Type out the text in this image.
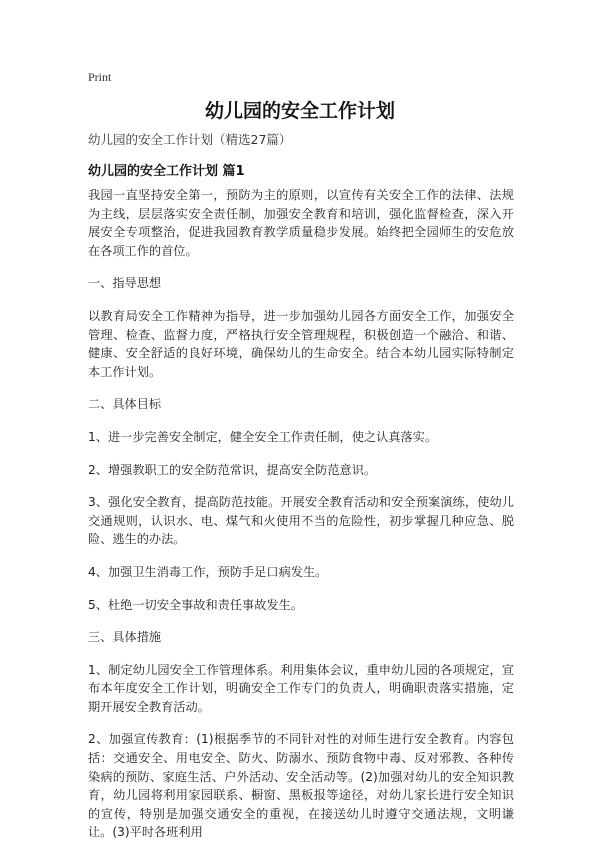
Print
幼儿园的安全工作计划
幼儿园的安全工作计划（精选27篇）
幼儿园的安全工作计划 篇1

我园一直坚持安全第一，预防为主的原则，以宣传有关安全工作的法律、法规为主线，层层落实安全责任制，加强安全教育和培训，强化监督检查，深入开展安全专项整治，促进我园教育教学质量稳步发展。始终把全园师生的安危放在各项工作的首位。

一、指导思想

以教育局安全工作精神为指导，进一步加强幼儿园各方面安全工作，加强安全管理、检查、监督力度，严格执行安全管理规程，积极创造一个融洽、和谐、健康、安全舒适的良好环境，确保幼儿的生命安全。结合本幼儿园实际特制定本工作计划。

二、具体目标

1、进一步完善安全制定，健全安全工作责任制，使之认真落实。

2、增强教职工的安全防范常识，提高安全防范意识。

3、强化安全教育，提高防范技能。开展安全教育活动和安全预案演练，使幼儿交通规则，认识水、电、煤气和火使用不当的危险性，初步掌握几种应急、脱险、逃生的办法。

4、加强卫生消毒工作，预防手足口病发生。

5、杜绝一切安全事故和责任事故发生。

三、具体措施

1、制定幼儿园安全工作管理体系。利用集体会议，重申幼儿园的各项规定，宣布本年度安全工作计划，明确安全工作专门的负责人，明确职责落实措施，定期开展安全教育活动。

2、加强宣传教育：(1)根据季节的不同针对性的对师生进行安全教育。内容包括：交通安全、用电安全、防火、防溺水、预防食物中毒、反对邪教、各种传染病的预防、家庭生活、户外活动、安全活动等。(2)加强对幼儿的安全知识教育，幼儿园将利用家园联系、橱窗、黑板报等途径，对幼儿家长进行安全知识的宣传，特别是加强交通安全的重视，在接送幼儿时遵守交通法规，文明谦让。(3)平时各班利用
